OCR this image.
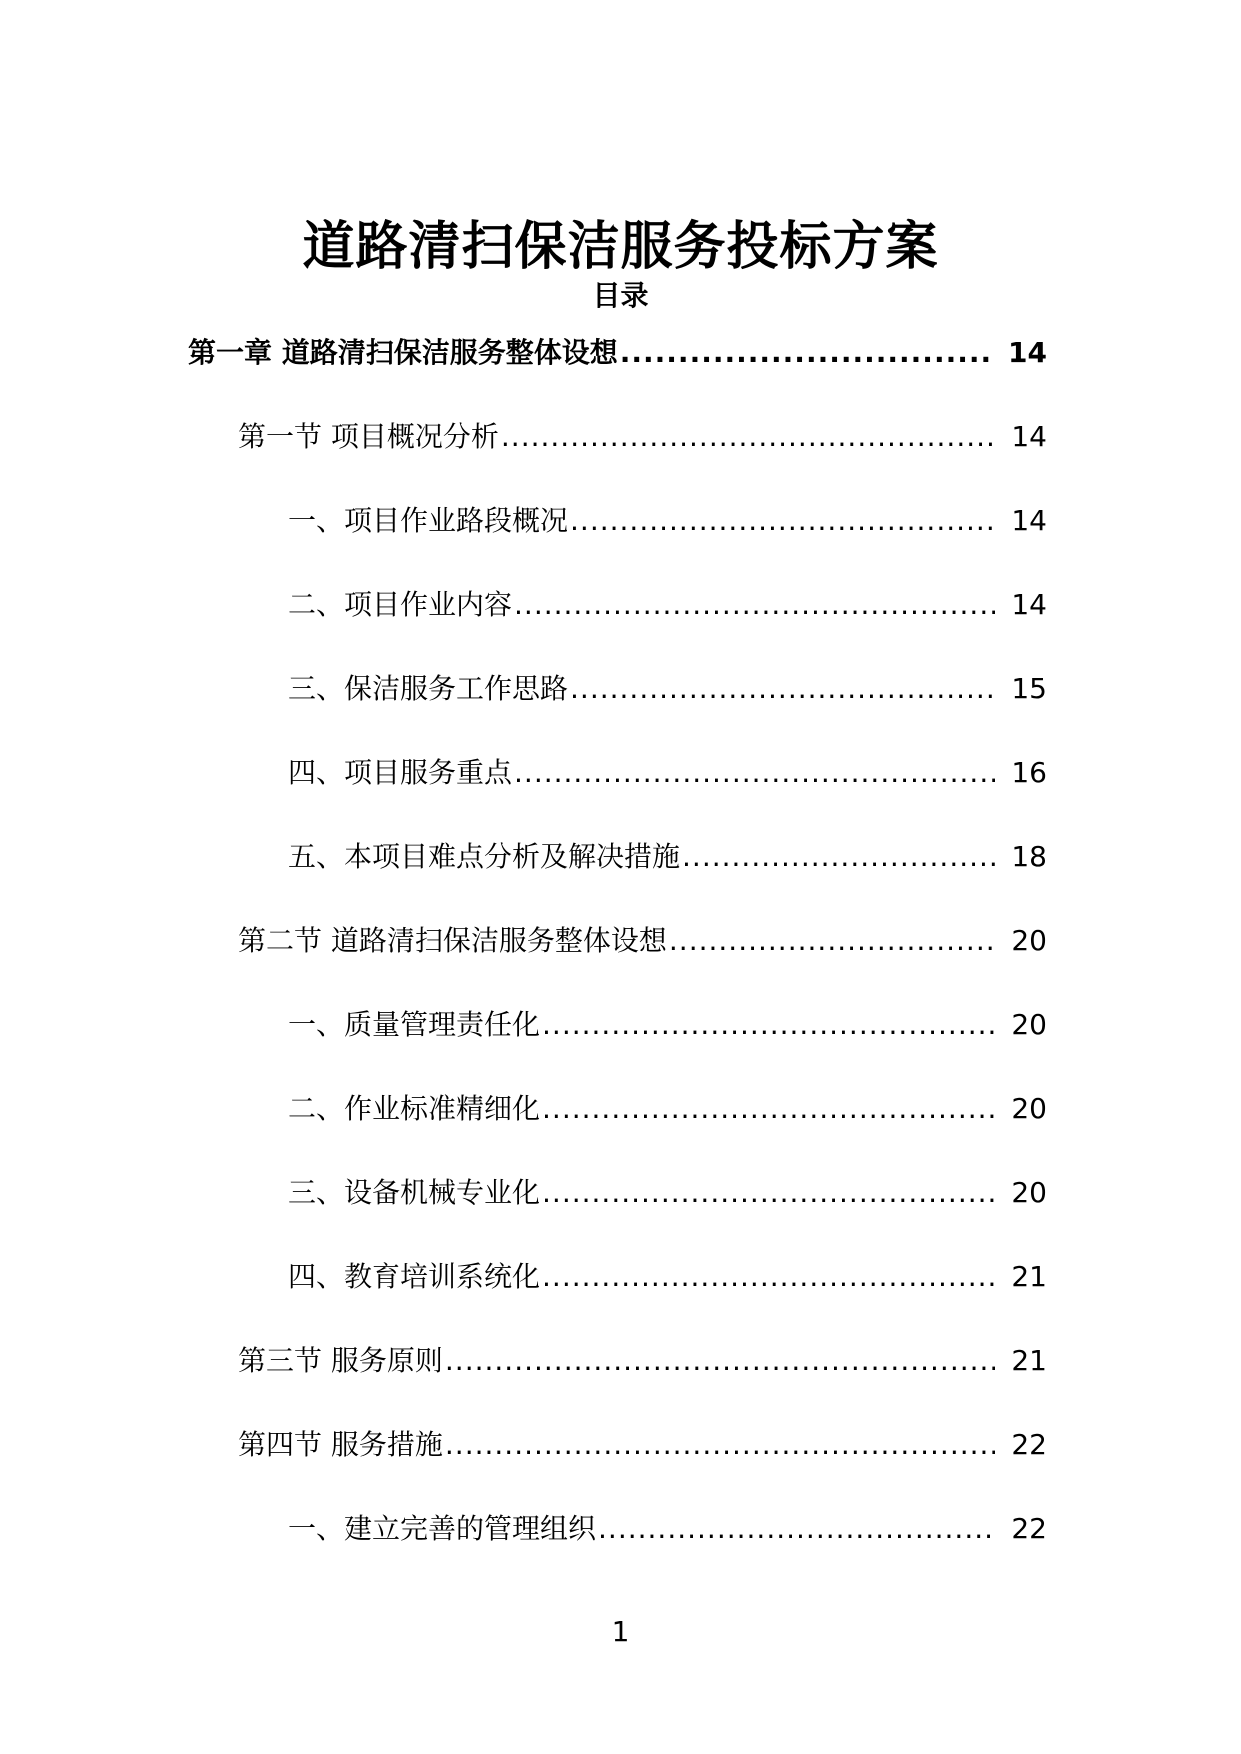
道路清扫保洁服务投标方案
目录
第一章 道路清扫保洁服务整体设想 .....	14
第一节 项目概况分析 .....	14
一、项目作业路段概况 .....	14
二、项目作业内容 .....	14
三、保洁服务工作思路 .....	15
四、项目服务重点 .....	16
五、本项目难点分析及解决措施 .....	18
第二节 道路清扫保洁服务整体设想 .....	20
一、质量管理责任化 .....	20
二、作业标准精细化 .....	20
三、设备机械专业化 .....	20
四、教育培训系统化 .....	21
第三节 服务原则 .....	21
第四节 服务措施 .....	22
一、建立完善的管理组织 .....	22
1
